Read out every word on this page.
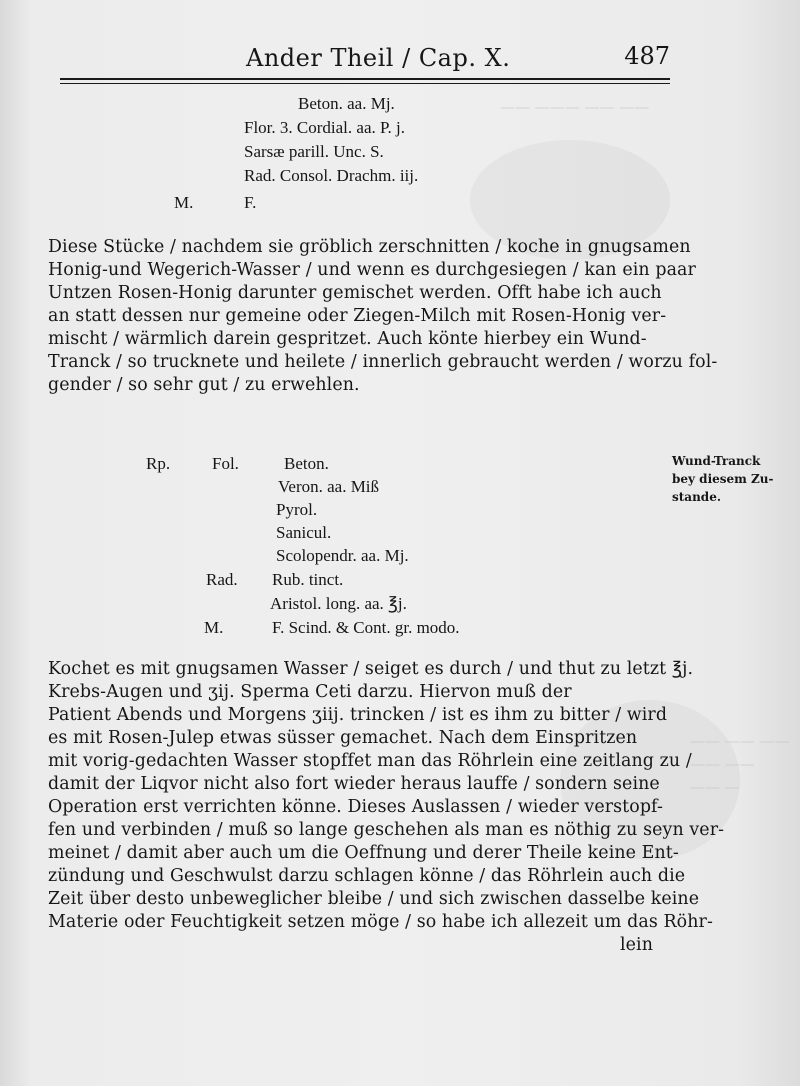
—— ——— —— ——
—— —— ——
—— ——
—— —
Ander Theil / Cap. X.	487
Beton. aa. Mj.
Flor. 3. Cordial. aa. P. j.
Sarsæ parill. Unc. S.
Rad. Consol. Drachm. iij.
M.	F.
Diese Stücke / nachdem sie gröblich zerschnitten / koche in gnugsamen
Honig-und Wegerich-Wasser / und wenn es durchgesiegen / kan ein paar
Untzen Rosen-Honig darunter gemischet werden. Offt habe ich auch
an statt dessen nur gemeine oder Ziegen-Milch mit Rosen-Honig ver-
mischt / wärmlich darein gespritzet. Auch könte hierbey ein Wund-
Tranck / so trucknete und heilete / innerlich gebraucht werden / worzu fol-
gender / so sehr gut / zu erwehlen.
Rp. Fol.	Beton.
Veron. aa. Miß
Pyrol.
Sanicul.
Scolopendr. aa. Mj.
Rad. Rub. tinct.
Aristol. long. aa. ℥j.
M.	F. Scind. & Cont. gr. modo.
Wund-Tranck
bey diesem Zu-
stande.
Kochet es mit gnugsamen Wasser / seiget es durch / und thut zu letzt ℥j.
Krebs-Augen und ʒij. Sperma Ceti darzu. Hiervon muß der
Patient Abends und Morgens ʒiij. trincken / ist es ihm zu bitter / wird
es mit Rosen-Julep etwas süsser gemachet. Nach dem Einspritzen
mit vorig-gedachten Wasser stopffet man das Röhrlein eine zeitlang zu /
damit der Liqvor nicht also fort wieder heraus lauffe / sondern seine
Operation erst verrichten könne. Dieses Auslassen / wieder verstopf-
fen und verbinden / muß so lange geschehen als man es nöthig zu seyn ver-
meinet / damit aber auch um die Oeffnung und derer Theile keine Ent-
zündung und Geschwulst darzu schlagen könne / das Röhrlein auch die
Zeit über desto unbeweglicher bleibe / und sich zwischen dasselbe keine
Materie oder Feuchtigkeit setzen möge / so habe ich allezeit um das Röhr-
lein
